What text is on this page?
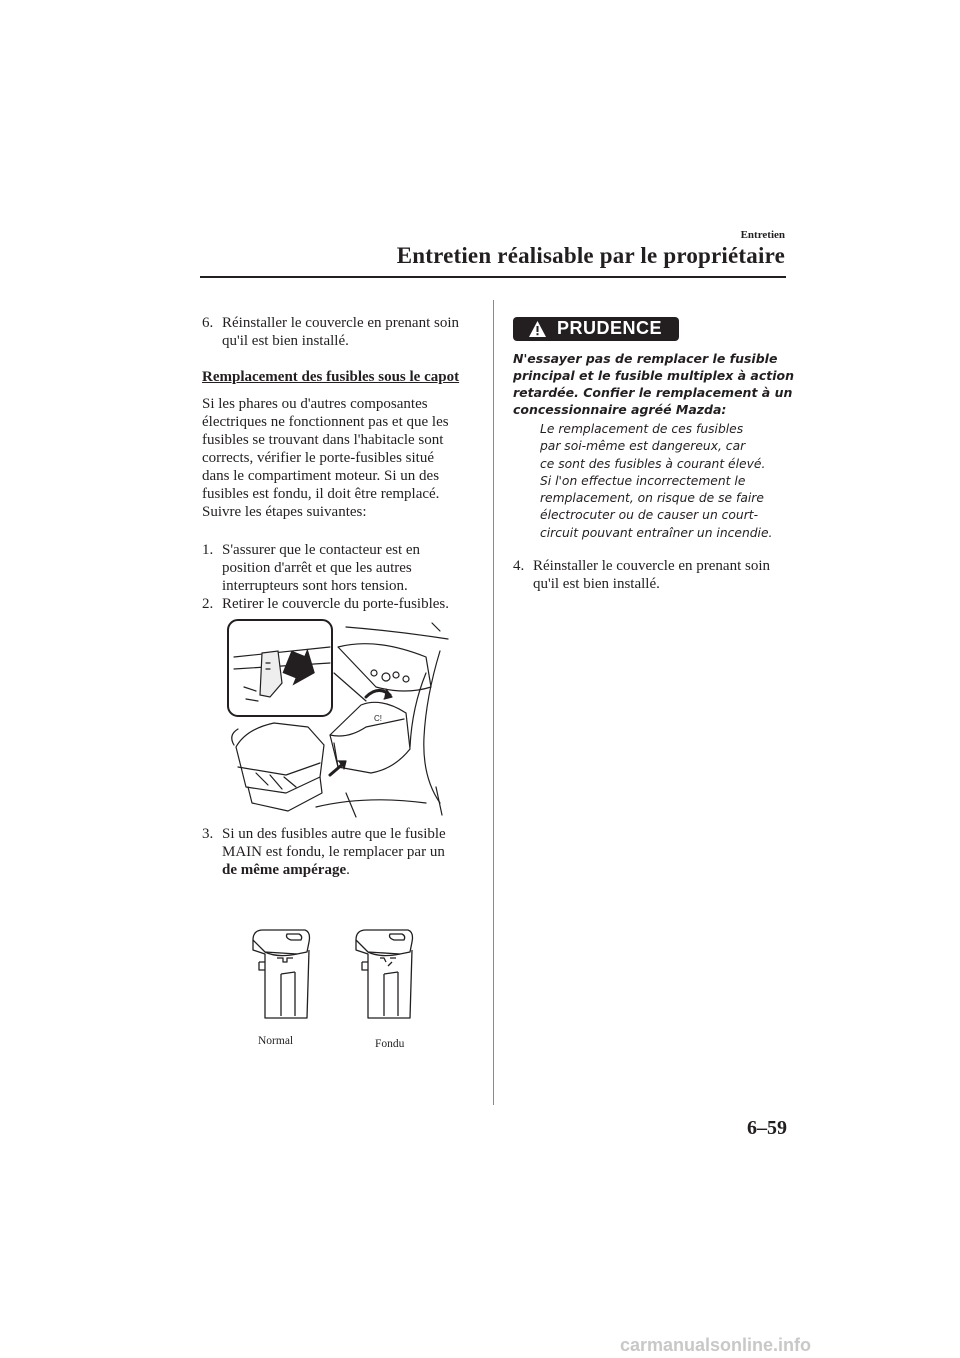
Entretien
Entretien réalisable par le propriétaire
6. Réinstaller le couvercle en prenant soin
qu'il est bien installé.
Remplacement des fusibles sous le capot
Si les phares ou d'autres composantes
électriques ne fonctionnent pas et que les
fusibles se trouvant dans l'habitacle sont
corrects, vérifier le porte-fusibles situé
dans le compartiment moteur. Si un des
fusibles est fondu, il doit être remplacé.
Suivre les étapes suivantes:
1. S'assurer que le contacteur est en
position d'arrêt et que les autres
interrupteurs sont hors tension.
2. Retirer le couvercle du porte-fusibles.
C!
3. Si un des fusibles autre que le fusible
MAIN est fondu, le remplacer par un
de même ampérage.
Normal	Fondu
PRUDENCE
N'essayer pas de remplacer le fusible
principal et le fusible multiplex à action
retardée. Confier le remplacement à un
concessionnaire agréé Mazda:
Le remplacement de ces fusibles
par soi-même est dangereux, car
ce sont des fusibles à courant élevé.
Si l'on effectue incorrectement le
remplacement, on risque de se faire
électrocuter ou de causer un court-
circuit pouvant entraîner un incendie.
4. Réinstaller le couvercle en prenant soin
qu'il est bien installé.
6–59
carmanualsonline.info
